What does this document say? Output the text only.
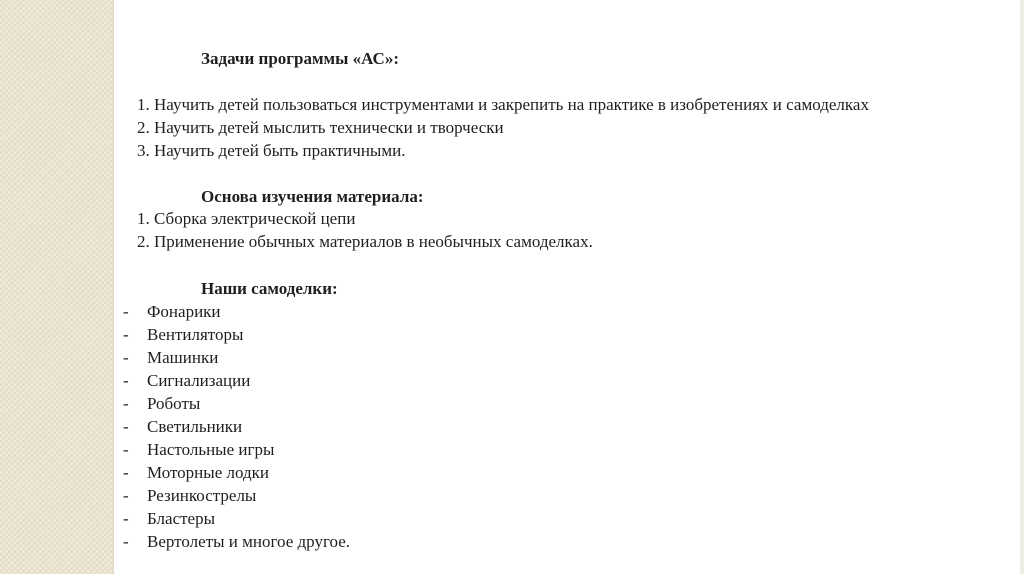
Задачи программы «АС»:
1. Научить детей пользоваться инструментами и закрепить на практике в изобретениях и самоделках
2. Научить детей мыслить технически и творчески
3. Научить детей быть практичными.
Основа изучения материала:
1. Сборка электрической цепи
2. Применение обычных материалов в необычных самоделках.
Наши самоделки:
- Фонарики
- Вентиляторы
- Машинки
- Сигнализации
- Роботы
- Светильники
- Настольные игры
- Моторные лодки
- Резинкострелы
- Бластеры
- Вертолеты и многое другое.
